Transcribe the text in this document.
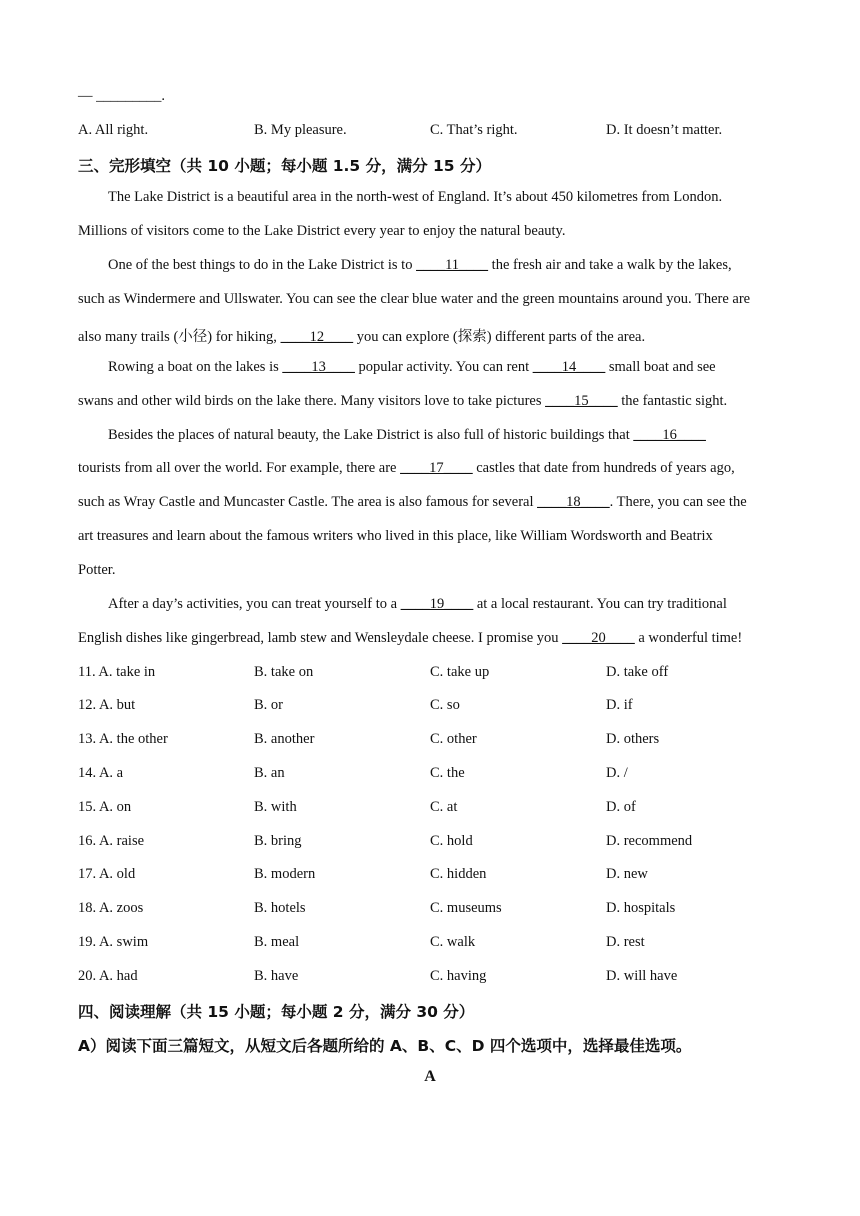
— _________.
A. All right.	B. My pleasure.	C. That’s right.	D. It doesn’t matter.
三、完形填空（共 10 小题；每小题 1.5 分，满分 15 分）
The Lake District is a beautiful area in the north-west of England. It’s about 450 kilometres from London.
Millions of visitors come to the Lake District every year to enjoy the natural beauty.
One of the best things to do in the Lake District is to ____11____ the fresh air and take a walk by the lakes,
such as Windermere and Ullswater. You can see the clear blue water and the green mountains around you. There are
also many trails (小径) for hiking, ____12____ you can explore (探索) different parts of the area.
Rowing a boat on the lakes is ____13____ popular activity. You can rent ____14____ small boat and see
swans and other wild birds on the lake there. Many visitors love to take pictures ____15____ the fantastic sight.
Besides the places of natural beauty, the Lake District is also full of historic buildings that ____16____
tourists from all over the world. For example, there are ____17____ castles that date from hundreds of years ago,
such as Wray Castle and Muncaster Castle. The area is also famous for several ____18____. There, you can see the
art treasures and learn about the famous writers who lived in this place, like William Wordsworth and Beatrix
Potter.
After a day’s activities, you can treat yourself to a ____19____ at a local restaurant. You can try traditional
English dishes like gingerbread, lamb stew and Wensleydale cheese. I promise you ____20____ a wonderful time!
11. A. take in	B. take on	C. take up	D. take off
12. A. but	B. or	C. so	D. if
13. A. the other	B. another	C. other	D. others
14. A. a	B. an	C. the	D. /
15. A. on	B. with	C. at	D. of
16. A. raise	B. bring	C. hold	D. recommend
17. A. old	B. modern	C. hidden	D. new
18. A. zoos	B. hotels	C. museums	D. hospitals
19. A. swim	B. meal	C. walk	D. rest
20. A. had	B. have	C. having	D. will have
四、阅读理解（共 15 小题；每小题 2 分，满分 30 分）
A）阅读下面三篇短文，从短文后各题所给的 A、B、C、D 四个选项中，选择最佳选项。
A
